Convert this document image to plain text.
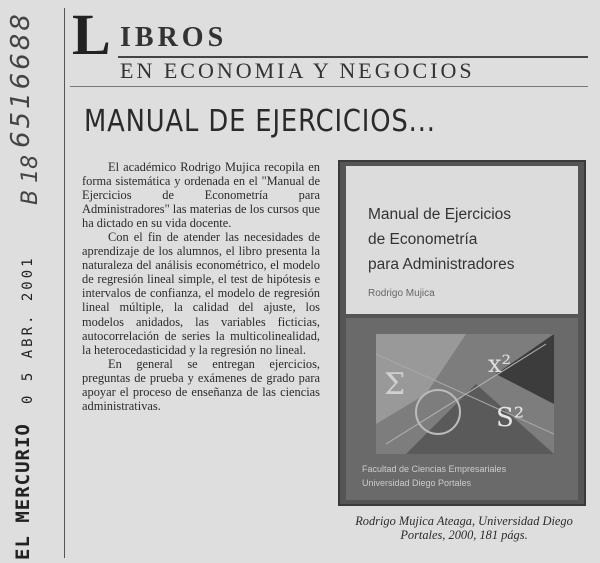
6516688
B 18
0 5 ABR. 2001
EL MERCURIO
L IBROS
EN ECONOMIA Y NEGOCIOS
MANUAL DE EJERCICIOS...

El académico Rodrigo Mujica recopila en forma sistemática y ordenada en el "Manual de Ejercicios de Econometría para Administradores" las materias de los cursos que ha dictado en su vida docente.

Con el fin de atender las necesidades de aprendizaje de los alumnos, el libro presenta la naturaleza del análisis econométrico, el modelo de regresión lineal simple, el test de hipótesis e intervalos de confianza, el modelo de regresión lineal múltiple, la calidad del ajuste, los modelos anidados, las variables ficticias, autocorrelación de series la multicolinealidad, la heterocedasticidad y la regresión no lineal.

En general se entregan ejercicios, preguntas de prueba y exámenes de grado para apoyar el proceso de enseñanza de las ciencias administrativas.

Manual de Ejercicios
de Econometría
para Administradores
Rodrigo Mujica
x²
S²
Σ
Facultad de Ciencias Empresariales
Universidad Diego Portales
Rodrigo Mujica Ateaga, Universidad Diego Portales, 2000, 181 págs.
